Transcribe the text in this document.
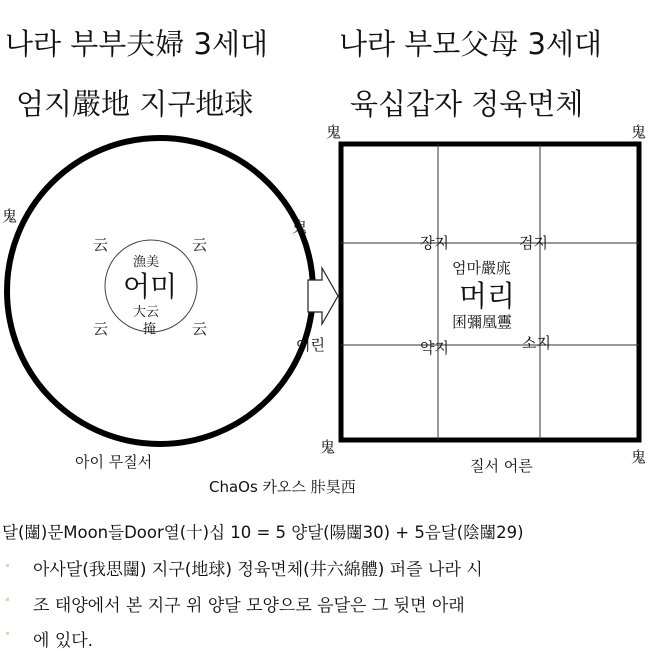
나라 부부夫婦 3세대
엄지嚴地 지구地球
나라 부모父母 3세대
육십갑자 정육면체
鬼
鬼
云	云
云	云
漁美
어미
大云
掩
아이 무질서
어린
鬼	鬼
鬼
鬼
장지	검지
엄마嚴庣
머리
囷彌凰靊
약지	소지
질서 어른
ChaOs 카오스 胩昊西
달(闥)문Moon들Door열(十)십 10 = 5 양달(陽闥30) + 5음달(陰闥29)
아사달(我思闥) 지구(地球) 정육면체(井六綿體) 퍼즐 나라 시
조 태양에서 본 지구 위 양달 모양으로 음달은 그 뒷면 아래
에 있다.
